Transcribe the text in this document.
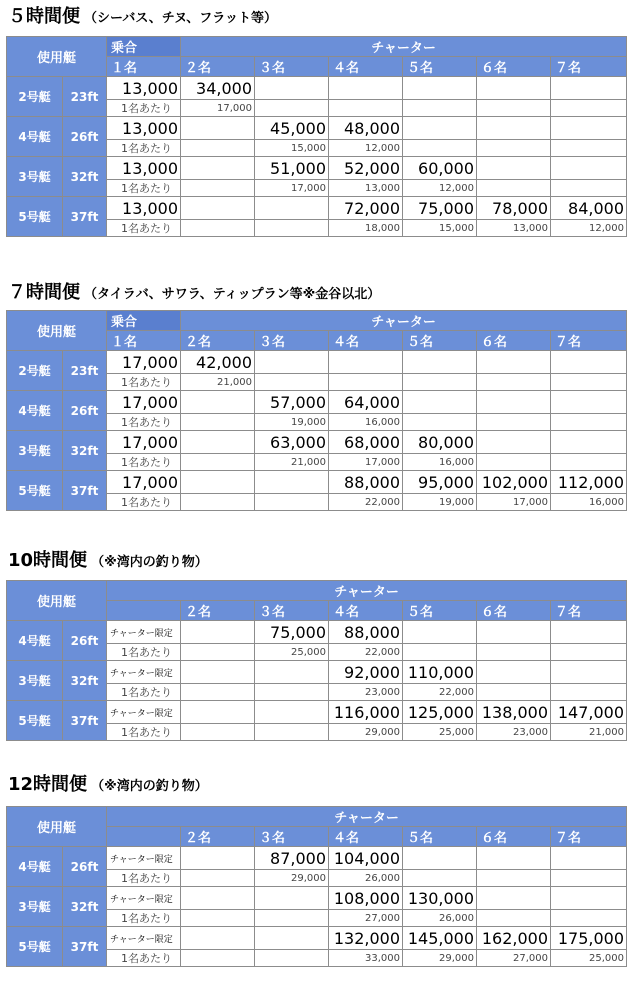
５時間便 （シーバス、チヌ、フラット等）
使用艇		乗合	チャーター					
		１名	２名	３名	４名	５名	６名	７名
2号艇	23ft	13,000	34,000					
		1名あたり	17,000					
4号艇	26ft	13,000		45,000	48,000			
		1名あたり		15,000	12,000			
3号艇	32ft	13,000		51,000	52,000	60,000		
		1名あたり		17,000	13,000	12,000		
5号艇	37ft	13,000			72,000	75,000	78,000	84,000
		1名あたり			18,000	15,000	13,000	12,000
７時間便 （タイラバ、サワラ、ティップラン等※金谷以北）
使用艇		乗合	チャーター					
		１名	２名	３名	４名	５名	６名	７名
2号艇	23ft	17,000	42,000					
		1名あたり	21,000					
4号艇	26ft	17,000		57,000	64,000			
		1名あたり		19,000	16,000			
3号艇	32ft	17,000		63,000	68,000	80,000		
		1名あたり		21,000	17,000	16,000		
5号艇	37ft	17,000			88,000	95,000	102,000	112,000
		1名あたり			22,000	19,000	17,000	16,000
10時間便 （※湾内の釣り物）
使用艇		チャーター						
			２名	３名	４名	５名	６名	７名
4号艇	26ft	チャーター限定		75,000	88,000			
		1名あたり		25,000	22,000			
3号艇	32ft	チャーター限定			92,000	110,000		
		1名あたり			23,000	22,000		
5号艇	37ft	チャーター限定			116,000	125,000	138,000	147,000
		1名あたり			29,000	25,000	23,000	21,000
12時間便 （※湾内の釣り物）
使用艇		チャーター						
			２名	３名	４名	５名	６名	７名
4号艇	26ft	チャーター限定		87,000	104,000			
		1名あたり		29,000	26,000			
3号艇	32ft	チャーター限定			108,000	130,000		
		1名あたり			27,000	26,000		
5号艇	37ft	チャーター限定			132,000	145,000	162,000	175,000
		1名あたり			33,000	29,000	27,000	25,000
